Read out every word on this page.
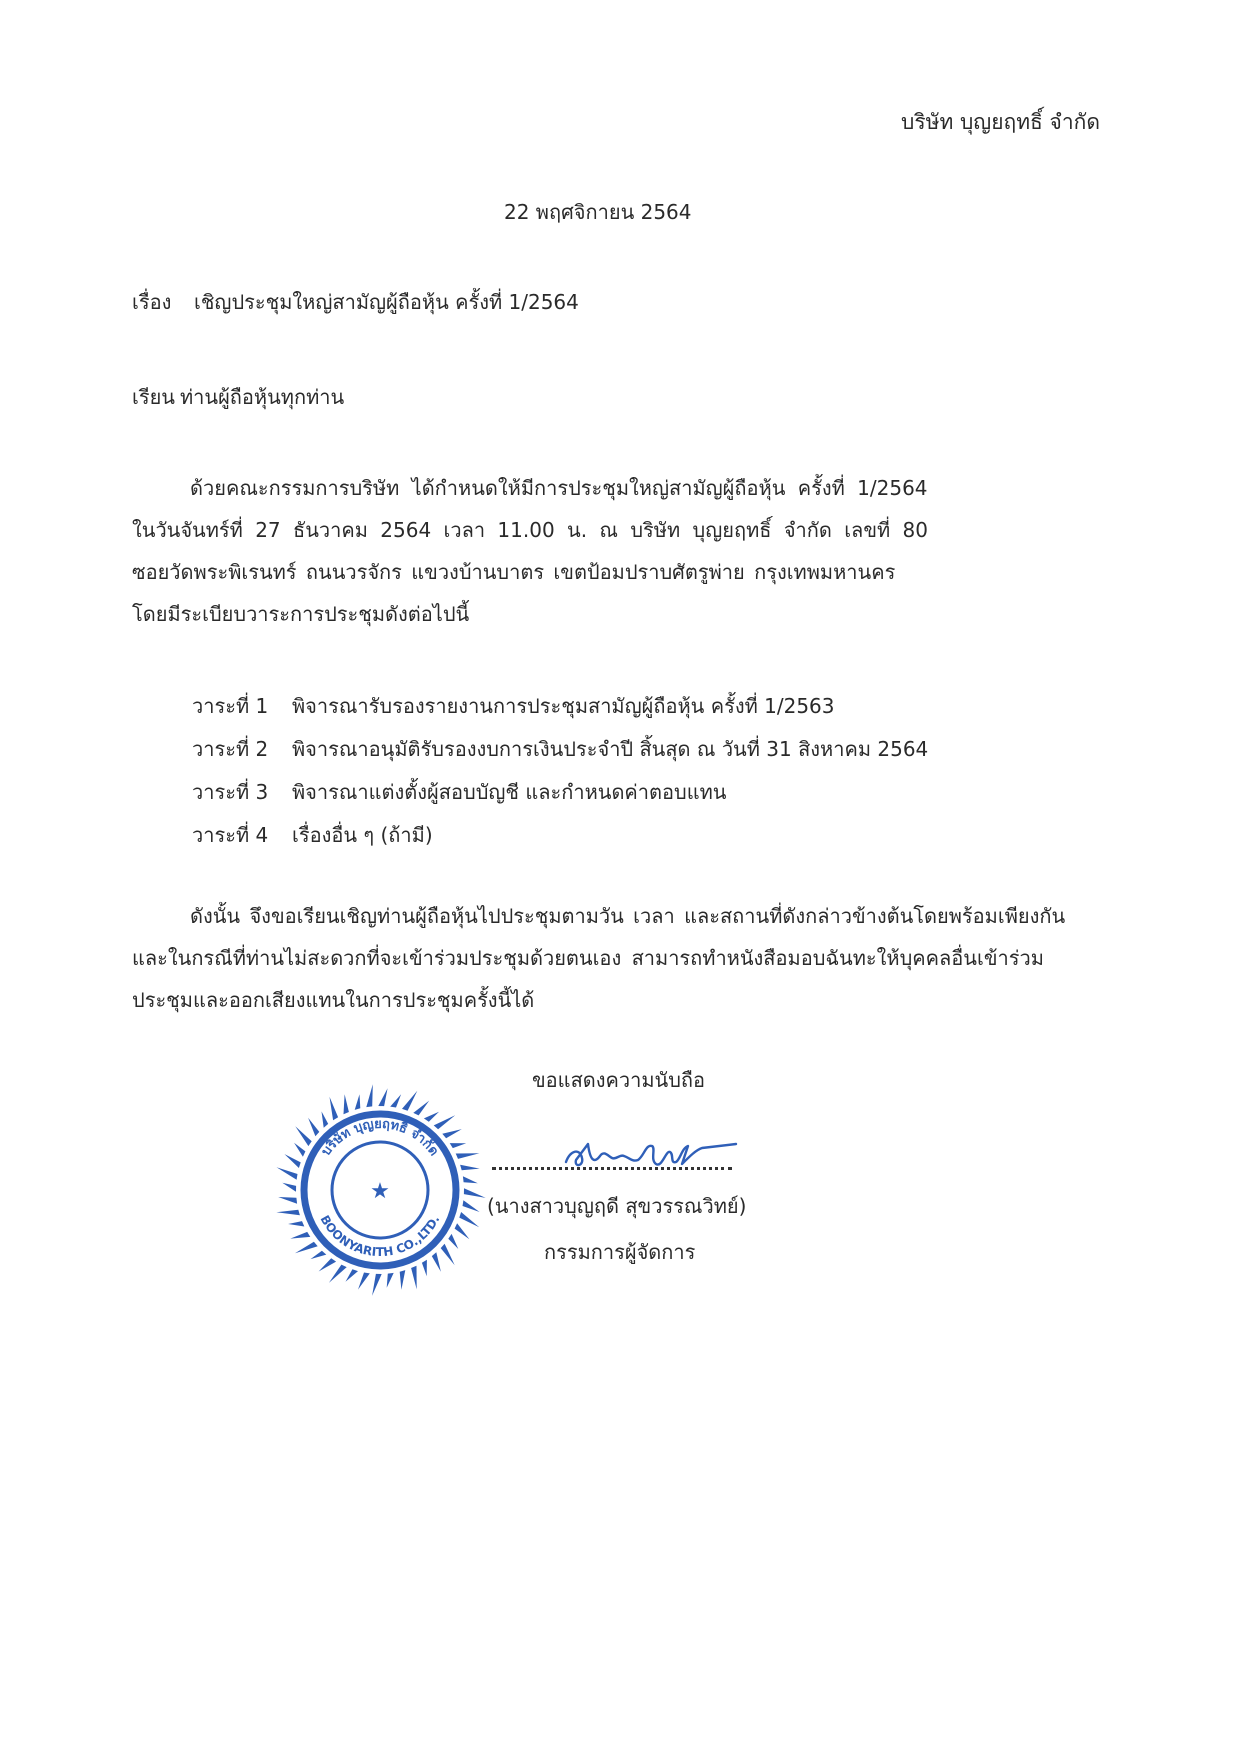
บริษัท บุญยฤทธิ์ จำกัด
22 พฤศจิกายน 2564
เรื่อง เชิญประชุมใหญ่สามัญผู้ถือหุ้น ครั้งที่ 1/2564
เรียน ท่านผู้ถือหุ้นทุกท่าน
ด้วยคณะกรรมการบริษัท ได้กำหนดให้มีการประชุมใหญ่สามัญผู้ถือหุ้น ครั้งที่ 1/2564
ในวันจันทร์ที่ 27 ธันวาคม 2564 เวลา 11.00 น. ณ บริษัท บุญยฤทธิ์ จำกัด เลขที่ 80
ซอยวัดพระพิเรนทร์ ถนนวรจักร แขวงบ้านบาตร เขตป้อมปราบศัตรูพ่าย กรุงเทพมหานคร
โดยมีระเบียบวาระการประชุมดังต่อไปนี้
วาระที่ 1 พิจารณารับรองรายงานการประชุมสามัญผู้ถือหุ้น ครั้งที่ 1/2563
วาระที่ 2 พิจารณาอนุมัติรับรองงบการเงินประจำปี สิ้นสุด ณ วันที่ 31 สิงหาคม 2564
วาระที่ 3 พิจารณาแต่งตั้งผู้สอบบัญชี และกำหนดค่าตอบแทน
วาระที่ 4 เรื่องอื่น ๆ (ถ้ามี)
ดังนั้น จึงขอเรียนเชิญท่านผู้ถือหุ้นไปประชุมตามวัน เวลา และสถานที่ดังกล่าวข้างต้นโดยพร้อมเพียงกัน
และในกรณีที่ท่านไม่สะดวกที่จะเข้าร่วมประชุมด้วยตนเอง สามารถทำหนังสือมอบฉันทะให้บุคคลอื่นเข้าร่วม
ประชุมและออกเสียงแทนในการประชุมครั้งนี้ได้
ขอแสดงความนับถือ
บริษัท บุญยฤทธิ์ จำกัด
BOONYARITH CO.,LTD.
★
(นางสาวบุญฤดี สุขวรรณวิทย์)
กรรมการผู้จัดการ
